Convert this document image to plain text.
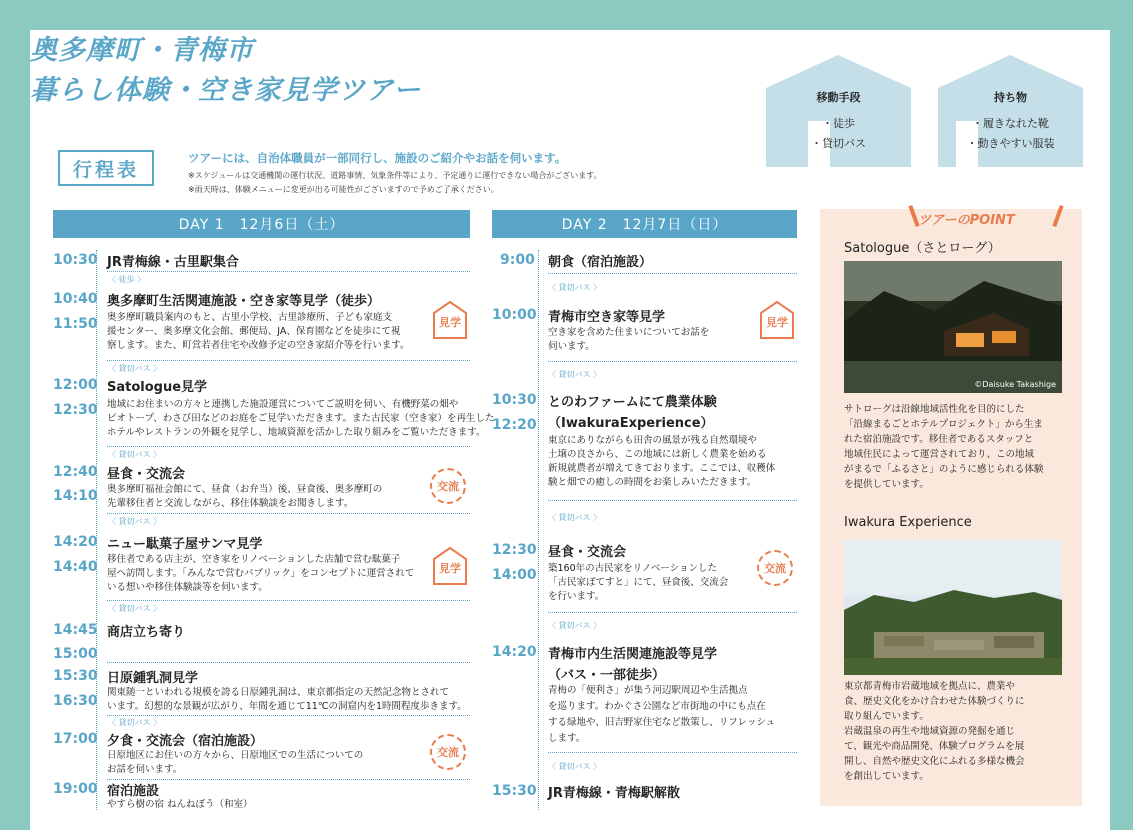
奥多摩町・青梅市
暮らし体験・空き家見学ツアー
行程表
ツアーには、自治体職員が一部同行し、施設のご紹介やお話を伺います。
※スケジュールは交通機関の運行状況、道路事情、気象条件等により、予定通りに運行できない場合がございます。
※雨天時は、体験メニューに変更が出る可能性がございますので予めご了承ください。
移動手段
・徒歩
・貸切バス
持ち物
・履きなれた靴
・動きやすい服装
DAY 1　12月6日（土）
10:30 JR青梅線・古里駅集合
〈 徒歩 〉
10:40
11:50
奥多摩町生活関連施設・空き家等見学（徒歩）
奥多摩町職員案内のもと、古里小学校、古里診療所、子ども家庭支
援センター、奥多摩文化会館、郵便局、JA、保育園などを徒歩にて視
察します。また、町営若者住宅や改修予定の空き家紹介等を行います。
見学
〈 貸切バス 〉
12:00
12:30
Satologue見学
地域にお住まいの方々と連携した施設運営についてご説明を伺い、有機野菜の畑や
ビオトープ、わさび田などのお庭をご見学いただきます。また古民家（空き家）を再生した
ホテルやレストランの外観を見学し、地域資源を活かした取り組みをご覧いただきます。
〈 貸切バス 〉
12:40
14:10
昼食・交流会
奥多摩町福祉会館にて、昼食（お弁当）後、昼食後、奥多摩町の
先輩移住者と交流しながら、移住体験談をお聞きします。
交流
〈 貸切バス 〉
14:20
14:40
ニュー駄菓子屋サンマ見学
移住者である店主が、空き家をリノベーションした店舗で営む駄菓子
屋へ訪問します。「みんなで営むパブリック」をコンセプトに運営されて
いる想いや移住体験談等を伺います。
見学
〈 貸切バス 〉
14:45
15:00
商店立ち寄り
15:30
16:30
日原鍾乳洞見学
関東随一といわれる規模を誇る日原鍾乳洞は、東京都指定の天然記念物とされて
います。幻想的な景観が広がり、年間を通じて11℃の洞窟内を1時間程度歩きます。
〈 貸切バス 〉
17:00 夕食・交流会（宿泊施設）
日原地区にお住いの方々から、日原地区での生活についての
お話を伺います。
交流
19:00 宿泊施設
やすら樹の宿 ねんねぼう（和室）
DAY 2　12月7日（日）
9:00 朝食（宿泊施設）
〈 貸切バス 〉
10:00 青梅市空き家等見学
空き家を含めた住まいについてお話を
伺います。
見学
〈 貸切バス 〉
10:30
12:20
とのわファームにて農業体験
（IwakuraExperience）
東京にありながらも田舎の風景が残る自然環境や
土壌の良さから、この地域には新しく農業を始める
新規就農者が増えてきております。ここでは、収穫体
験と畑での癒しの時間をお楽しみいただきます。
〈 貸切バス 〉
12:30
14:00
昼食・交流会
築160年の古民家をリノベーションした
「古民家ぽてすと」にて、昼食後、交流会
を行います。
交流
〈 貸切バス 〉
14:20 青梅市内生活関連施設等見学
（バス・一部徒歩）
青梅の「便利さ」が集う河辺駅周辺や生活拠点
を巡ります。わかぐさ公園など市街地の中にも点在
する緑地や、旧吉野家住宅など散策し、リフレッシュ
します。
〈 貸切バス 〉
15:30 JR青梅線・青梅駅解散
ツアーのPOINT
Satologue（さとローグ）
©Daisuke Takashige
サトローグは沿線地域活性化を目的にした
「沿線まるごとホテルプロジェクト」から生ま
れた宿泊施設です。移住者であるスタッフと
地域住民によって運営されており、この地域
がまるで「ふるさと」のように感じられる体験
を提供しています。
Iwakura Experience
東京都青梅市岩蔵地域を拠点に、農業や
食、歴史文化をかけ合わせた体験づくりに
取り組んでいます。
岩蔵温泉の再生や地域資源の発掘を通じ
て、観光や商品開発、体験プログラムを展
開し、自然や歴史文化にふれる多様な機会
を創出しています。
